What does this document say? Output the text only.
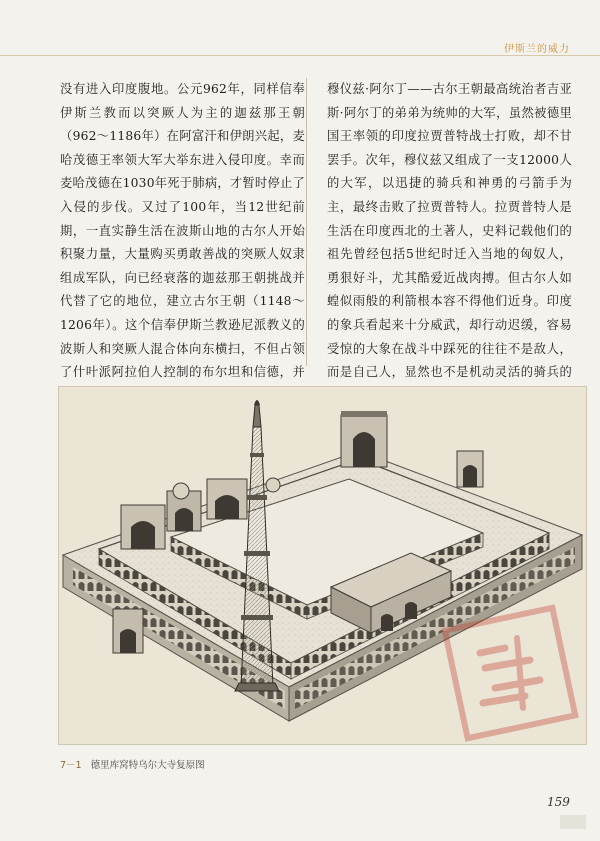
伊斯兰的威力

没有进入印度腹地。公元962年，同样信奉伊斯兰教而以突厥人为主的迦兹那王朝（962～1186年）在阿富汗和伊朗兴起，麦哈茂德王率领大军大举东进入侵印度。幸而麦哈茂德在1030年死于肺病，才暂时停止了入侵的步伐。又过了100年，当12世纪前期，一直实静生活在波斯山地的古尔人开始积聚力量，大量购买勇敢善战的突厥人奴隶组成军队，向已经衰落的迦兹那王朝挑战并代替了它的地位，建立古尔王朝（1148～1206年）。这个信奉伊斯兰教逊尼派教义的波斯人和突厥人混合体向东横扫，不但占领了什叶派阿拉伯人控制的布尔坦和信德，并

穆仪兹·阿尔丁——古尔王朝最高统治者吉亚斯·阿尔丁的弟弟为统帅的大军，虽然被德里国王率领的印度拉贾普特战士打败，却不甘罢手。次年，穆仪兹又组成了一支12000人的大军，以迅捷的骑兵和神勇的弓箭手为主，最终击败了拉贾普特人。拉贾普特人是生活在印度西北的土著人，史料记载他们的祖先曾经包括5世纪时迁入当地的匈奴人，勇狠好斗，尤其酷爱近战肉搏。但古尔人如蝗似雨般的利箭根本容不得他们近身。印度的象兵看起来十分威武，却行动迟缓，容易受惊的大象在战斗中踩死的往往不是敌人，而是自己人，显然也不是机动灵活的骑兵的

7－1 德里库窝特乌尔大寺复原图
159
